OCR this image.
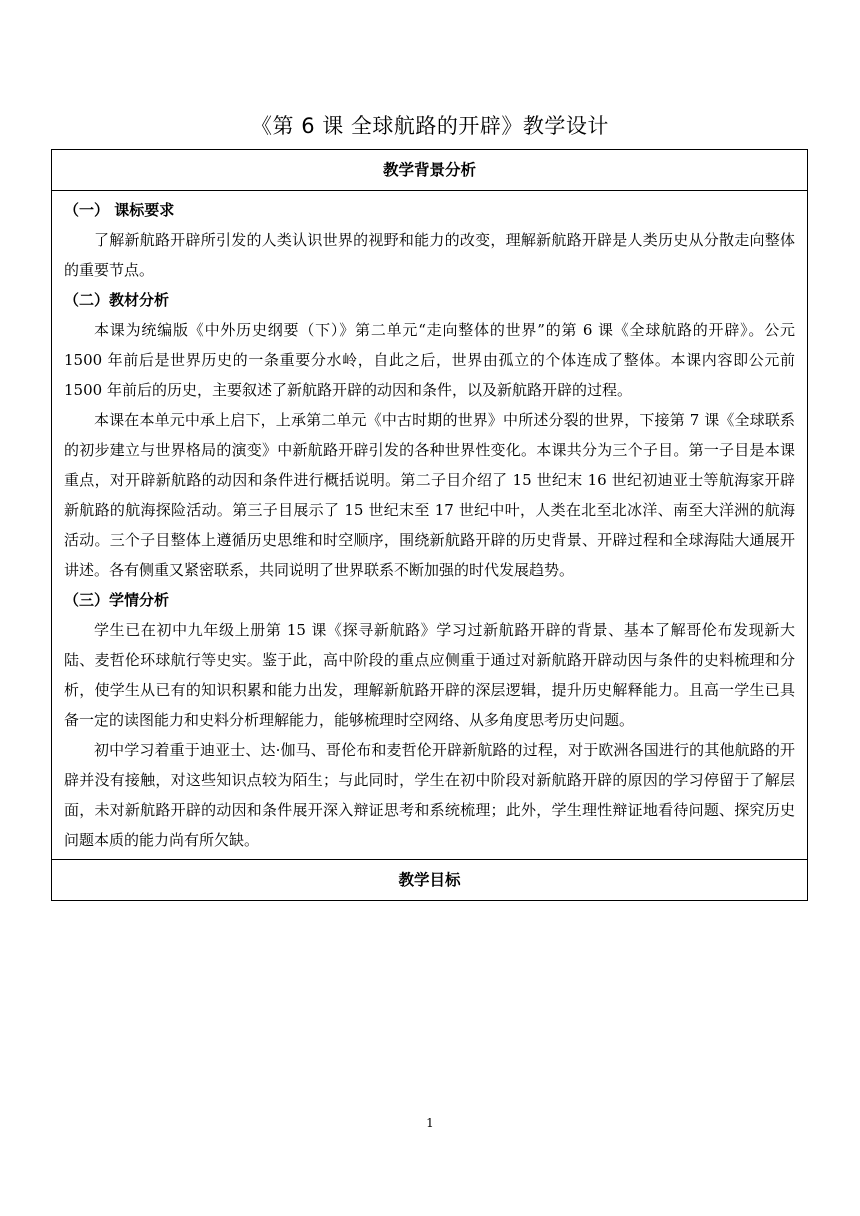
《第 6 课 全球航路的开辟》教学设计
教学背景分析
（一） 课标要求
了解新航路开辟所引发的人类认识世界的视野和能力的改变，理解新航路开辟是人类历史从分散走向整体的重要节点。
（二）教材分析
本课为统编版《中外历史纲要（下）》第二单元“走向整体的世界”的第 6 课《全球航路的开辟》。公元 1500 年前后是世界历史的一条重要分水岭，自此之后，世界由孤立的个体连成了整体。本课内容即公元前 1500 年前后的历史，主要叙述了新航路开辟的动因和条件，以及新航路开辟的过程。
本课在本单元中承上启下，上承第二单元《中古时期的世界》中所述分裂的世界，下接第 7 课《全球联系的初步建立与世界格局的演变》中新航路开辟引发的各种世界性变化。本课共分为三个子目。第一子目是本课重点，对开辟新航路的动因和条件进行概括说明。第二子目介绍了 15 世纪末 16 世纪初迪亚士等航海家开辟新航路的航海探险活动。第三子目展示了 15 世纪末至 17 世纪中叶，人类在北至北冰洋、南至大洋洲的航海活动。三个子目整体上遵循历史思维和时空顺序，围绕新航路开辟的历史背景、开辟过程和全球海陆大通展开讲述。各有侧重又紧密联系，共同说明了世界联系不断加强的时代发展趋势。
（三）学情分析
学生已在初中九年级上册第 15 课《探寻新航路》学习过新航路开辟的背景、基本了解哥伦布发现新大陆、麦哲伦环球航行等史实。鉴于此，高中阶段的重点应侧重于通过对新航路开辟动因与条件的史料梳理和分析，使学生从已有的知识积累和能力出发，理解新航路开辟的深层逻辑，提升历史解释能力。且高一学生已具备一定的读图能力和史料分析理解能力，能够梳理时空网络、从多角度思考历史问题。
初中学习着重于迪亚士、达·伽马、哥伦布和麦哲伦开辟新航路的过程，对于欧洲各国进行的其他航路的开辟并没有接触，对这些知识点较为陌生；与此同时，学生在初中阶段对新航路开辟的原因的学习停留于了解层面，未对新航路开辟的动因和条件展开深入辩证思考和系统梳理；此外，学生理性辩证地看待问题、探究历史问题本质的能力尚有所欠缺。
教学目标
1
